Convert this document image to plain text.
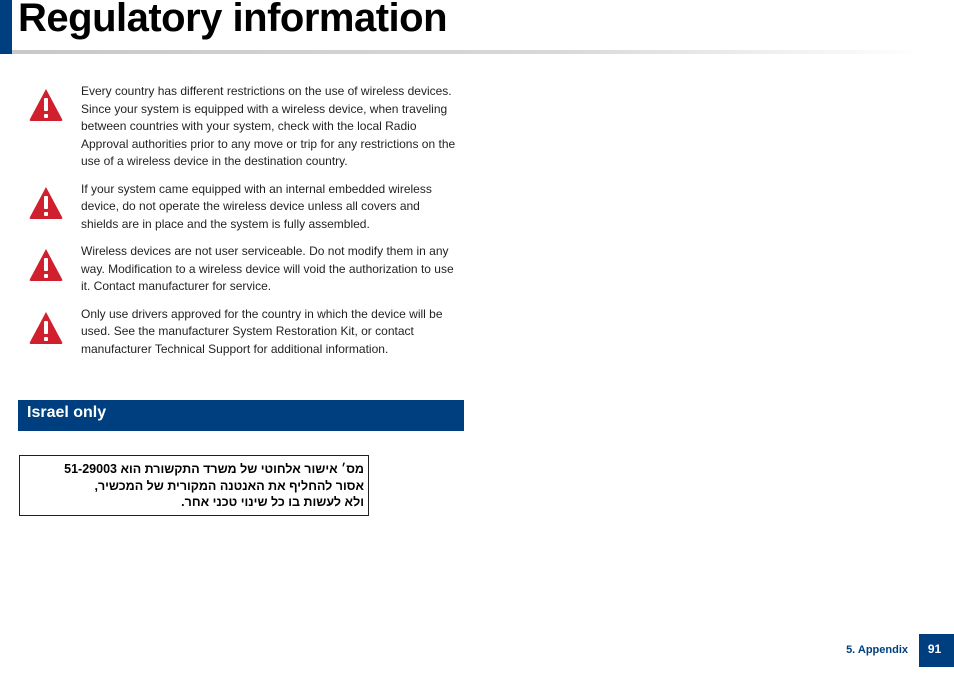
Regulatory information
Every country has different restrictions on the use of wireless devices. Since your system is equipped with a wireless device, when traveling between countries with your system, check with the local Radio Approval authorities prior to any move or trip for any restrictions on the use of a wireless device in the destination country.
If your system came equipped with an internal embedded wireless device, do not operate the wireless device unless all covers and shields are in place and the system is fully assembled.
Wireless devices are not user serviceable. Do not modify them in any way. Modification to a wireless device will void the authorization to use it. Contact manufacturer for service.
Only use drivers approved for the country in which the device will be used. See the manufacturer System Restoration Kit, or contact manufacturer Technical Support for additional information.
Israel only
מס׳ אישור אלחוטי של משרד התקשורת הוא 51-29003
אסור להחליף את האנטנה המקורית של המכשיר,
ולא לעשות בו כל שינוי טכני אחר.
5. Appendix	91
